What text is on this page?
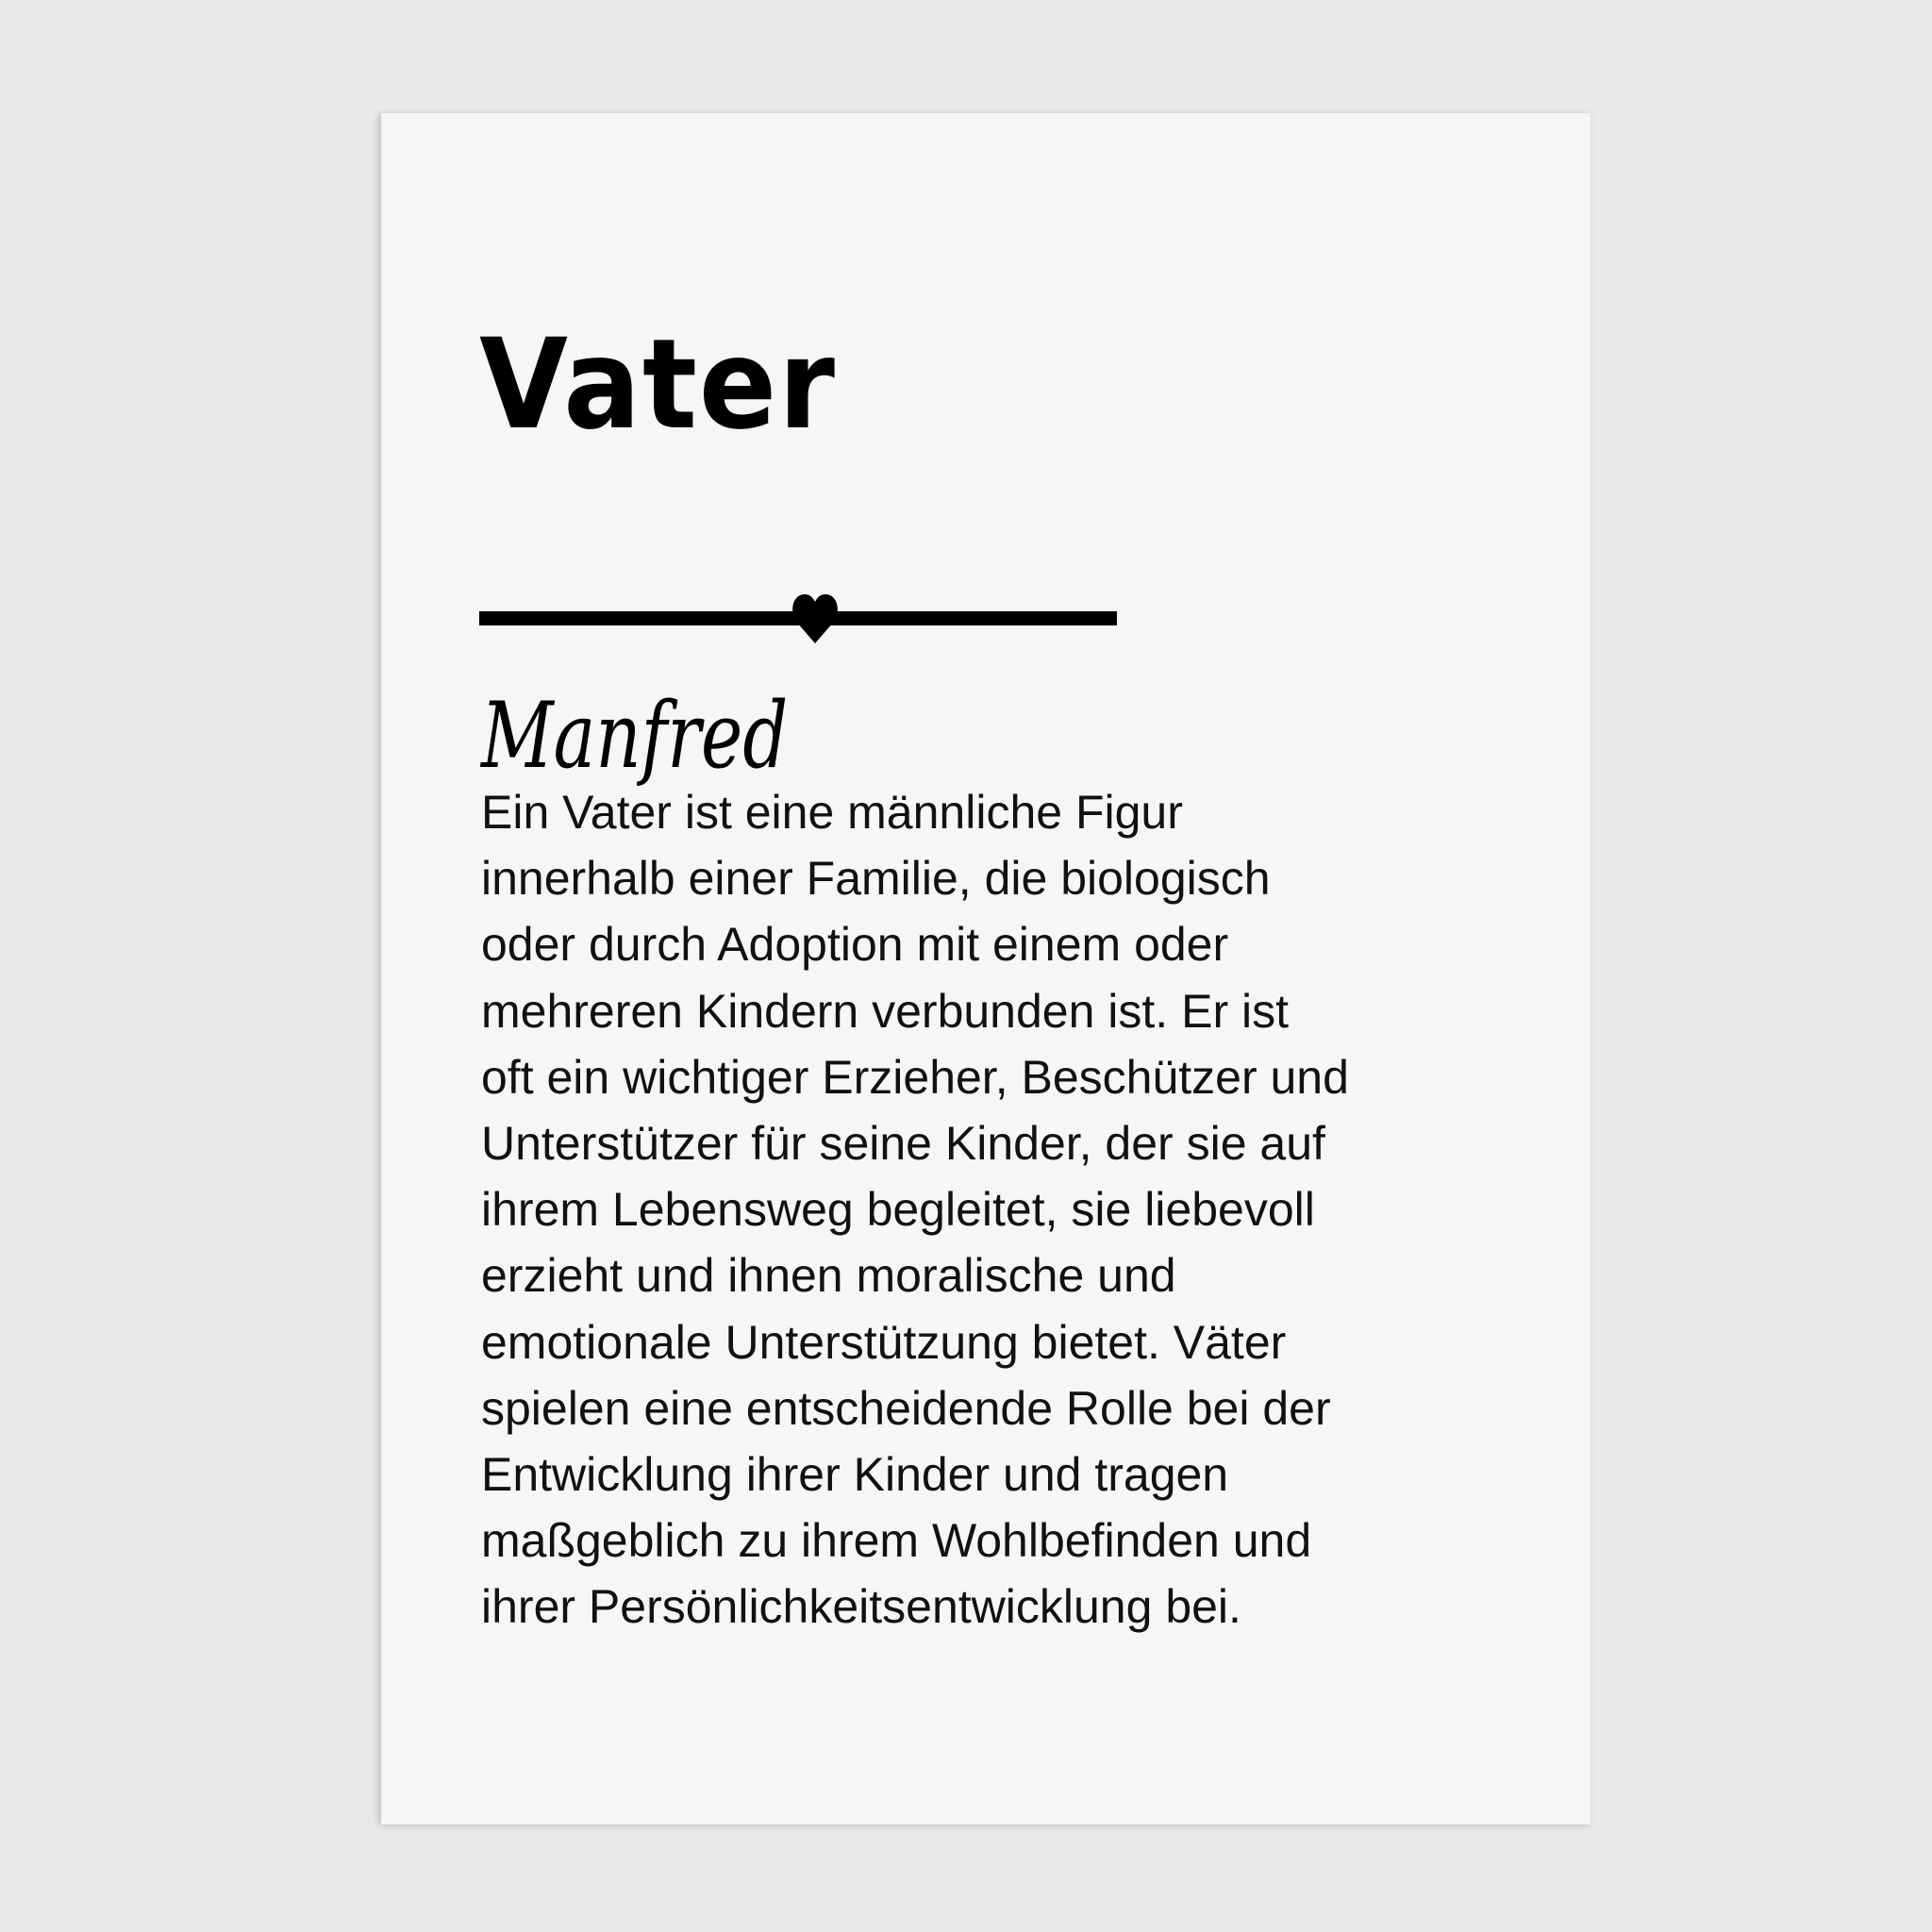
Vater
Manfred

Ein Vater ist eine männliche Figur
innerhalb einer Familie, die biologisch
oder durch Adoption mit einem oder
mehreren Kindern verbunden ist. Er ist
oft ein wichtiger Erzieher, Beschützer und
Unterstützer für seine Kinder, der sie auf
ihrem Lebensweg begleitet, sie liebevoll
erzieht und ihnen moralische und
emotionale Unterstützung bietet. Väter
spielen eine entscheidende Rolle bei der
Entwicklung ihrer Kinder und tragen
maßgeblich zu ihrem Wohlbefinden und
ihrer Persönlichkeitsentwicklung bei.
